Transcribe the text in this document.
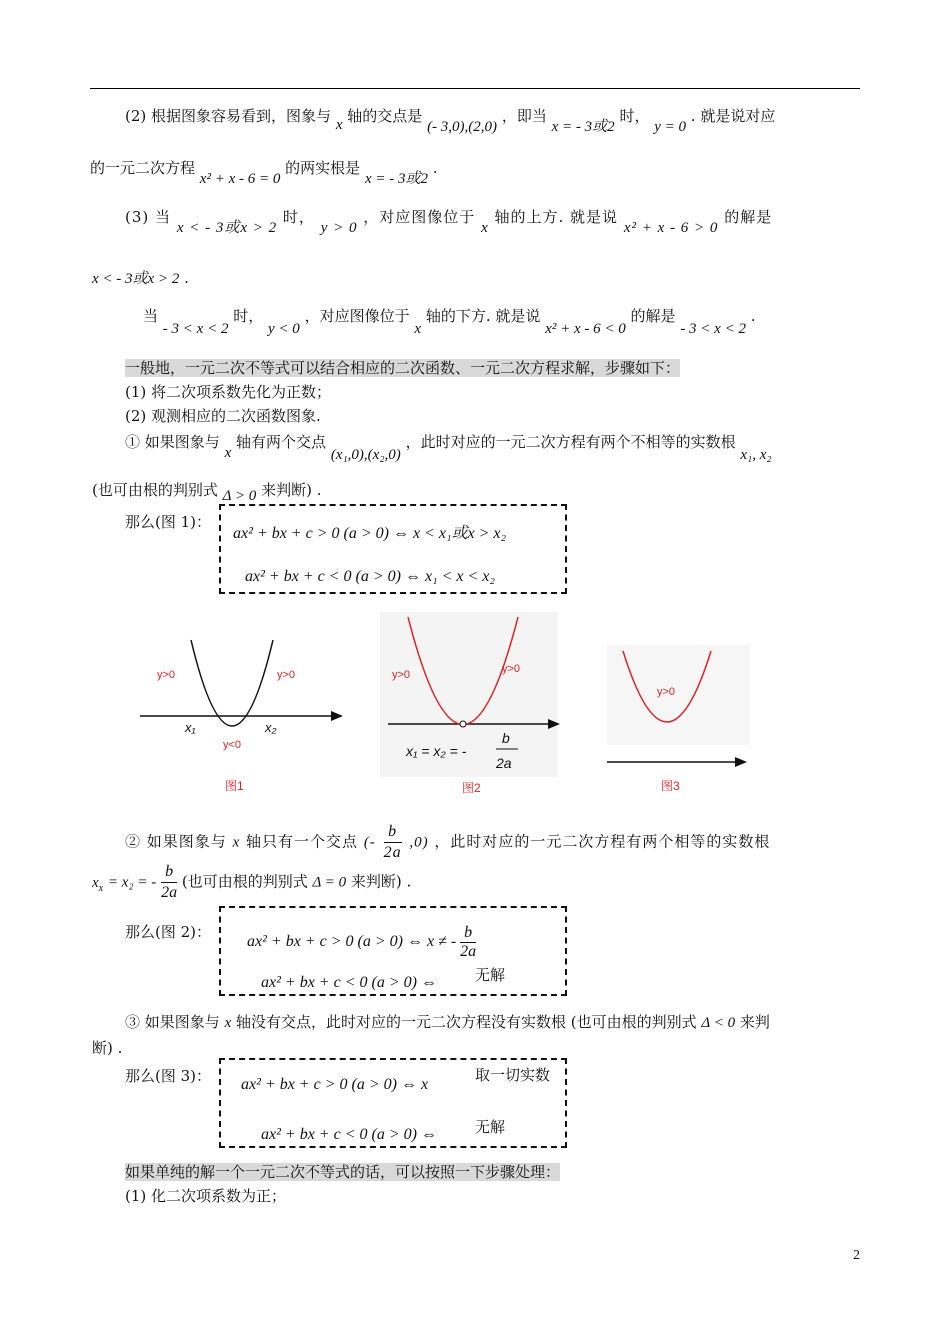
(2) 根据图象容易看到，图象与 x 轴的交点是 (- 3,0),(2,0) ，即当 x = - 3或2 时， y = 0 . 就是说对应
的一元二次方程 x² + x - 6 = 0 的两实根是 x = - 3或2 .
(3) 当 x < - 3或x > 2 时， y > 0 ，对应图像位于 x 轴的上方. 就是说 x² + x - 6 > 0 的解是
x < - 3或x > 2 .
当 - 3 < x < 2 时， y < 0 ，对应图像位于 x 轴的下方. 就是说 x² + x - 6 < 0 的解是 - 3 < x < 2 .
一般地，一元二次不等式可以结合相应的二次函数、一元二次方程求解，步骤如下：
(1) 将二次项系数先化为正数；
(2) 观测相应的二次函数图象.
① 如果图象与 x 轴有两个交点 (x₁,0),(x₂,0) ，此时对应的一元二次方程有两个不相等的实数根 x₁, x₂
(也可由根的判别式 Δ > 0 来判断) .
那么(图 1)：
ax² + bx + c > 0 (a > 0) ⇔ x < x₁或x > x₂
ax² + bx + c < 0 (a > 0) ⇔ x₁ < x < x₂
y>0	y>0
y<0
x₁	x₂
图1
y>0	y>0
x₁ = x₂ = -
b
2a
图2
y>0
图3
② 如果图象与 x 轴只有一个交点 (- $\frac{b}{2a} ,0$) ，此时对应的一元二次方程有两个相等的实数根
$x_x = x_2$ = - $\frac{b}{2a}$ (也可由根的判别式 Δ = 0 来判断) .
那么(图 2)：
ax² + bx + c > 0 (a > 0) ⇔ x ≠ - $\frac{b}{2a}$
ax² + bx + c < 0 (a > 0) ⇔	无解
③ 如果图象与 x 轴没有交点，此时对应的一元二次方程没有实数根 (也可由根的判别式 Δ < 0 来判
断) .
那么(图 3)： ax² + bx + c > 0 (a > 0) ⇔ x
取一切实数
ax² + bx + c < 0 (a > 0) ⇔	无解
如果单纯的解一个一元二次不等式的话，可以按照一下步骤处理：
(1) 化二次项系数为正；
2
